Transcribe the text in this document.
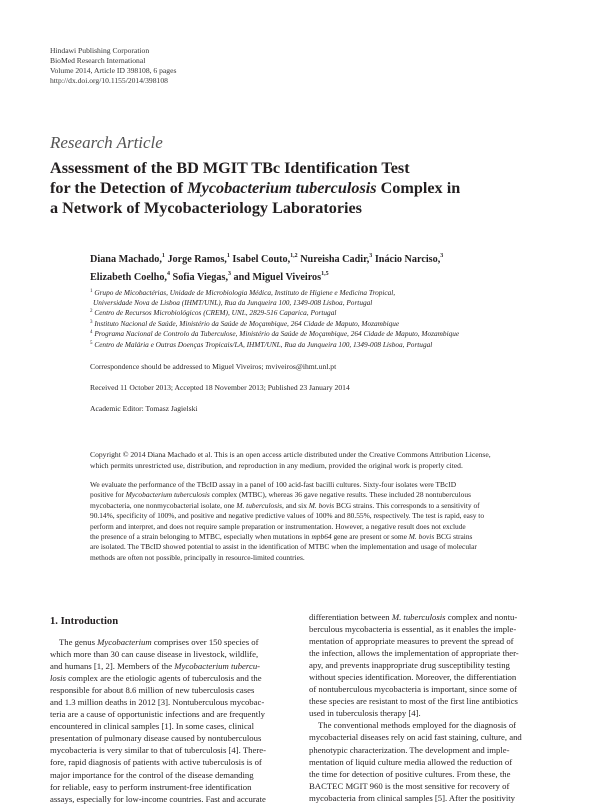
Hindawi Publishing Corporation
BioMed Research International
Volume 2014, Article ID 398108, 6 pages
http://dx.doi.org/10.1155/2014/398108
Research Article
Assessment of the BD MGIT TBc Identification Test
for the Detection of Mycobacterium tuberculosis Complex in
a Network of Mycobacteriology Laboratories
Diana Machado,$^1$ Jorge Ramos,$^1$ Isabel Couto,$^{1,2}$ Nureisha Cadir,$^3$ Inácio Narciso,$^3$
Elizabeth Coelho,$^4$ Sofia Viegas,$^3$ and Miguel Viveiros$^{1,5}$
$^1$ Grupo de Micobactérias, Unidade de Microbiologia Médica, Instituto de Higiene e Medicina Tropical,
Universidade Nova de Lisboa (IHMT/UNL), Rua da Junqueira 100, 1349-008 Lisboa, Portugal
$^2$ Centro de Recursos Microbiológicos (CREM), UNL, 2829-516 Caparica, Portugal
$^3$ Instituto Nacional de Saúde, Ministério da Saúde de Moçambique, 264 Cidade de Maputo, Mozambique
$^4$ Programa Nacional de Controlo da Tuberculose, Ministério da Saúde de Moçambique, 264 Cidade de Maputo, Mozambique
$^5$ Centro de Malária e Outras Doenças Tropicais/LA, IHMT/UNL, Rua da Junqueira 100, 1349-008 Lisboa, Portugal
Correspondence should be addressed to Miguel Viveiros; mviveiros@ihmt.unl.pt
Received 11 October 2013; Accepted 18 November 2013; Published 23 January 2014
Academic Editor: Tomasz Jagielski
Copyright © 2014 Diana Machado et al. This is an open access article distributed under the Creative Commons Attribution License,
which permits unrestricted use, distribution, and reproduction in any medium, provided the original work is properly cited.
We evaluate the performance of the TBcID assay in a panel of 100 acid-fast bacilli cultures. Sixty-four isolates were TBcID
positive for Mycobacterium tuberculosis complex (MTBC), whereas 36 gave negative results. These included 28 nontuberculous
mycobacteria, one nonmycobacterial isolate, one M. tuberculosis, and six M. bovis BCG strains. This corresponds to a sensitivity of
90.14%, specificity of 100%, and positive and negative predictive values of 100% and 80.55%, respectively. The test is rapid, easy to
perform and interpret, and does not require sample preparation or instrumentation. However, a negative result does not exclude
the presence of a strain belonging to MTBC, especially when mutations in mpb64 gene are present or some M. bovis BCG strains
are isolated. The TBcID showed potential to assist in the identification of MTBC when the implementation and usage of molecular
methods are often not possible, principally in resource-limited countries.
1. Introduction
The genus Mycobacterium comprises over 150 species of
which more than 30 can cause disease in livestock, wildlife,
and humans [1, 2]. Members of the Mycobacterium tubercu-
losis complex are the etiologic agents of tuberculosis and the
responsible for about 8.6 million of new tuberculosis cases
and 1.3 million deaths in 2012 [3]. Nontuberculous mycobac-
teria are a cause of opportunistic infections and are frequently
encountered in clinical samples [1]. In some cases, clinical
presentation of pulmonary disease caused by nontuberculous
mycobacteria is very similar to that of tuberculosis [4]. There-
fore, rapid diagnosis of patients with active tuberculosis is of
major importance for the control of the disease demanding
for reliable, easy to perform instrument-free identification
assays, especially for low-income countries. Fast and accurate
differentiation between M. tuberculosis complex and nontu-
berculous mycobacteria is essential, as it enables the imple-
mentation of appropriate measures to prevent the spread of
the infection, allows the implementation of appropriate ther-
apy, and prevents inappropriate drug susceptibility testing
without species identification. Moreover, the differentiation
of nontuberculous mycobacteria is important, since some of
these species are resistant to most of the first line antibiotics
used in tuberculosis therapy [4].
The conventional methods employed for the diagnosis of
mycobacterial diseases rely on acid fast staining, culture, and
phenotypic characterization. The development and imple-
mentation of liquid culture media allowed the reduction of
the time for detection of positive cultures. From these, the
BACTEC MGIT 960 is the most sensitive for recovery of
mycobacteria from clinical samples [5]. After the positivity
